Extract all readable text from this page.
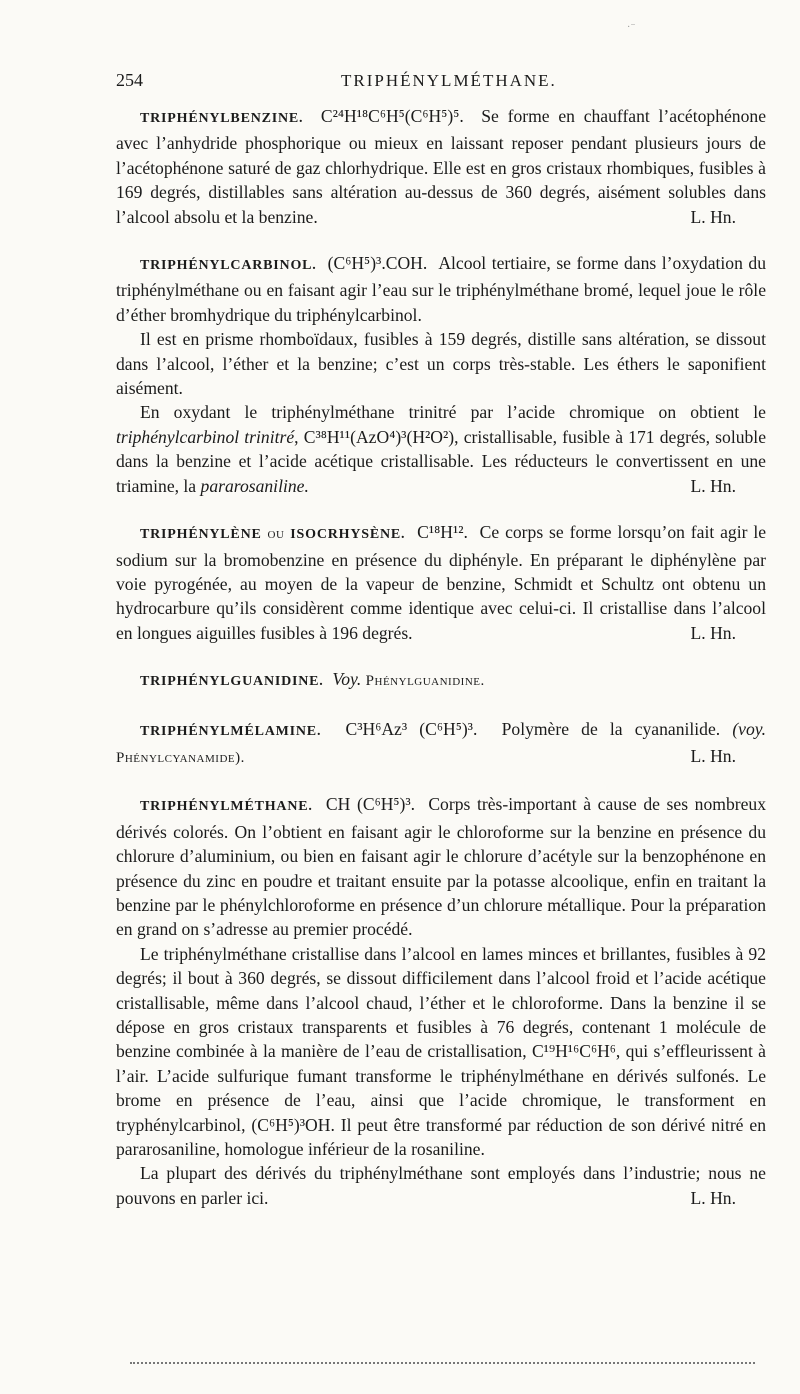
·⁻
254	TRIPHÉNYLMÉTHANE.

TRIPHÉNYLBENZINE. C²⁴H¹⁸C⁶H⁵(C⁶H⁵)⁵. Se forme en chauffant l’acétophénone avec l’anhydride phosphorique ou mieux en laissant reposer pendant plusieurs jours de l’acétophénone saturé de gaz chlorhydrique. Elle est en gros cristaux rhombiques, fusibles à 169 degrés, distillables sans altération au-dessus de 360 degrés, aisément solubles dans l’alcool absolu et la benzine.	L. Hn.

TRIPHÉNYLCARBINOL. (C⁶H⁵)³.COH. Alcool tertiaire, se forme dans l’oxydation du triphénylméthane ou en faisant agir l’eau sur le triphénylméthane bromé, lequel joue le rôle d’éther bromhydrique du triphénylcarbinol.

Il est en prisme rhomboïdaux, fusibles à 159 degrés, distille sans altération, se dissout dans l’alcool, l’éther et la benzine; c’est un corps très-stable. Les éthers le saponifient aisément.

En oxydant le triphénylméthane trinitré par l’acide chromique on obtient le triphénylcarbinol trinitré, C³⁸H¹¹(AzO⁴)³(H²O²), cristallisable, fusible à 171 degrés, soluble dans la benzine et l’acide acétique cristallisable. Les réducteurs le convertissent en une triamine, la pararosaniline.	L. Hn.

TRIPHÉNYLÈNE ou ISOCRHYSÈNE. C¹⁸H¹². Ce corps se forme lorsqu’on fait agir le sodium sur la bromobenzine en présence du diphényle. En préparant le diphénylène par voie pyrogénée, au moyen de la vapeur de benzine, Schmidt et Schultz ont obtenu un hydrocarbure qu’ils considèrent comme identique avec celui-ci. Il cristallise dans l’alcool en longues aiguilles fusibles à 196 degrés.	L. Hn.

TRIPHÉNYLGUANIDINE. Voy. Phénylguanidine.

TRIPHÉNYLMÉLAMINE. C³H⁶Az³ (C⁶H⁵)³. Polymère de la cyananilide. (voy. Phénylcyanamide).	L. Hn.

TRIPHÉNYLMÉTHANE. CH (C⁶H⁵)³. Corps très-important à cause de ses nombreux dérivés colorés. On l’obtient en faisant agir le chloroforme sur la benzine en présence du chlorure d’aluminium, ou bien en faisant agir le chlorure d’acétyle sur la benzophénone en présence du zinc en poudre et traitant ensuite par la potasse alcoolique, enfin en traitant la benzine par le phénylchloroforme en présence d’un chlorure métallique. Pour la préparation en grand on s’adresse au premier procédé.

Le triphénylméthane cristallise dans l’alcool en lames minces et brillantes, fusibles à 92 degrés; il bout à 360 degrés, se dissout difficilement dans l’alcool froid et l’acide acétique cristallisable, même dans l’alcool chaud, l’éther et le chloroforme. Dans la benzine il se dépose en gros cristaux transparents et fusibles à 76 degrés, contenant 1 molécule de benzine combinée à la manière de l’eau de cristallisation, C¹⁹H¹⁶C⁶H⁶, qui s’effleurissent à l’air. L’acide sulfurique fumant transforme le triphénylméthane en dérivés sulfonés. Le brome en présence de l’eau, ainsi que l’acide chromique, le transforment en tryphénylcarbinol, (C⁶H⁵)³OH. Il peut être transformé par réduction de son dérivé nitré en pararosaniline, homologue inférieur de la rosaniline.

La plupart des dérivés du triphénylméthane sont employés dans l’industrie; nous ne pouvons en parler ici.	L. Hn.
